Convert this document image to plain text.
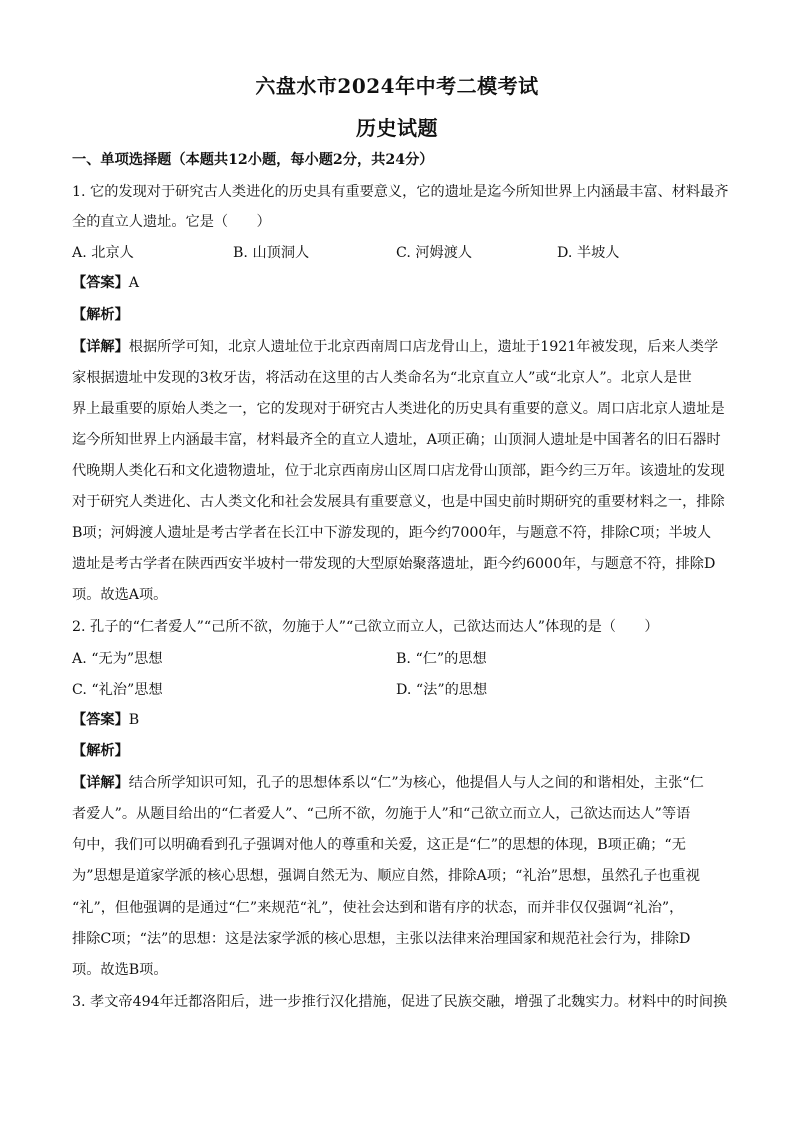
六盘水市2024年中考二模考试
历史试题
一、单项选择题（本题共12小题，每小题2分，共24分）
1. 它的发现对于研究古人类进化的历史具有重要意义，它的遗址是迄今所知世界上内涵最丰富、材料最齐
全的直立人遗址。它是（　　）
A. 北京人	B. 山顶洞人	C. 河姆渡人	D. 半坡人
【答案】A
【解析】
【详解】根据所学可知，北京人遗址位于北京西南周口店龙骨山上，遗址于1921年被发现，后来人类学
家根据遗址中发现的3枚牙齿，将活动在这里的古人类命名为“北京直立人”或“北京人”。北京人是世
界上最重要的原始人类之一，它的发现对于研究古人类进化的历史具有重要的意义。周口店北京人遗址是
迄今所知世界上内涵最丰富，材料最齐全的直立人遗址，A项正确；山顶洞人遗址是中国著名的旧石器时
代晚期人类化石和文化遗物遗址，位于北京西南房山区周口店龙骨山顶部，距今约三万年。该遗址的发现
对于研究人类进化、古人类文化和社会发展具有重要意义，也是中国史前时期研究的重要材料之一，排除
B项；河姆渡人遗址是考古学者在长江中下游发现的，距今约7000年，与题意不符，排除C项；半坡人
遗址是考古学者在陕西西安半坡村一带发现的大型原始聚落遗址，距今约6000年，与题意不符，排除D
项。故选A项。
2. 孔子的“仁者爱人”“己所不欲，勿施于人”“己欲立而立人，己欲达而达人”体现的是（　　）
A. “无为”思想	B. “仁”的思想
C. “礼治”思想	D. “法”的思想
【答案】B
【解析】
【详解】结合所学知识可知，孔子的思想体系以“仁”为核心，他提倡人与人之间的和谐相处，主张“仁
者爱人”。从题目给出的“仁者爱人”、“己所不欲，勿施于人”和“己欲立而立人，己欲达而达人”等语
句中，我们可以明确看到孔子强调对他人的尊重和关爱，这正是“仁”的思想的体现，B项正确；“无
为”思想是道家学派的核心思想，强调自然无为、顺应自然，排除A项；“礼治”思想，虽然孔子也重视
“礼”，但他强调的是通过“仁”来规范“礼”，使社会达到和谐有序的状态，而并非仅仅强调“礼治”，
排除C项；“法”的思想：这是法家学派的核心思想，主张以法律来治理国家和规范社会行为，排除D
项。故选B项。
3. 孝文帝494年迁都洛阳后，进一步推行汉化措施，促进了民族交融，增强了北魏实力。材料中的时间换
